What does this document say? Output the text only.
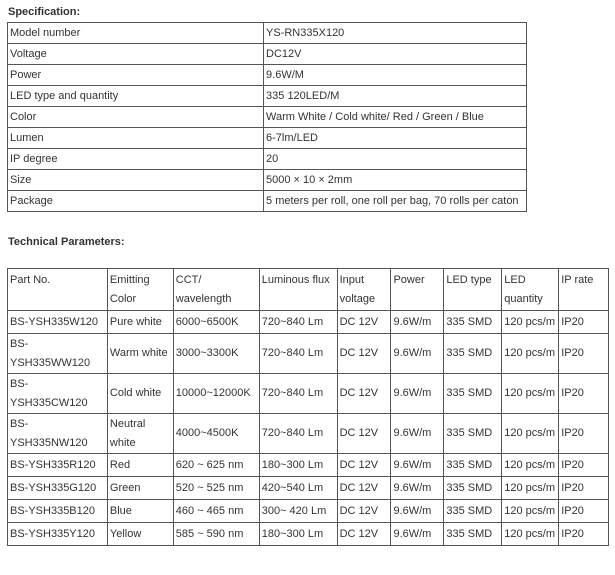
Specification:
Model number	YS-RN335X120
Voltage	DC12V
Power	9.6W/M
LED type and quantity	335 120LED/M
Color	Warm White / Cold white/ Red / Green / Blue
Lumen	6-7lm/LED
IP degree	20
Size	5000 × 10 × 2mm
Package	5 meters per roll, one roll per bag, 70 rolls per caton
Technical Parameters:
Part No.	Emitting Color	CCT/ wavelength	Luminous flux	Input voltage	Power	LED type	LED quantity	IP rate
BS-YSH335W120	Pure white	6000~6500K	720~840 Lm	DC 12V	9.6W/m	335 SMD	120 pcs/m	IP20
BS-​YSH335WW120	Warm white	3000~3300K	720~840 Lm	DC 12V	9.6W/m	335 SMD	120 pcs/m	IP20
BS-​YSH335CW120	Cold white	10000~12000K	720~840 Lm	DC 12V	9.6W/m	335 SMD	120 pcs/m	IP20
BS-​YSH335NW120	Neutral white	4000~4500K	720~840 Lm	DC 12V	9.6W/m	335 SMD	120 pcs/m	IP20
BS-YSH335R120	Red	620 ~ 625 nm	180~300 Lm	DC 12V	9.6W/m	335 SMD	120 pcs/m	IP20
BS-YSH335G120	Green	520 ~ 525 nm	420~540 Lm	DC 12V	9.6W/m	335 SMD	120 pcs/m	IP20
BS-YSH335B120	Blue	460 ~ 465 nm	300~ 420 Lm	DC 12V	9.6W/m	335 SMD	120 pcs/m	IP20
BS-YSH335Y120	Yellow	585 ~ 590 nm	180~300 Lm	DC 12V	9.6W/m	335 SMD	120 pcs/m	IP20
